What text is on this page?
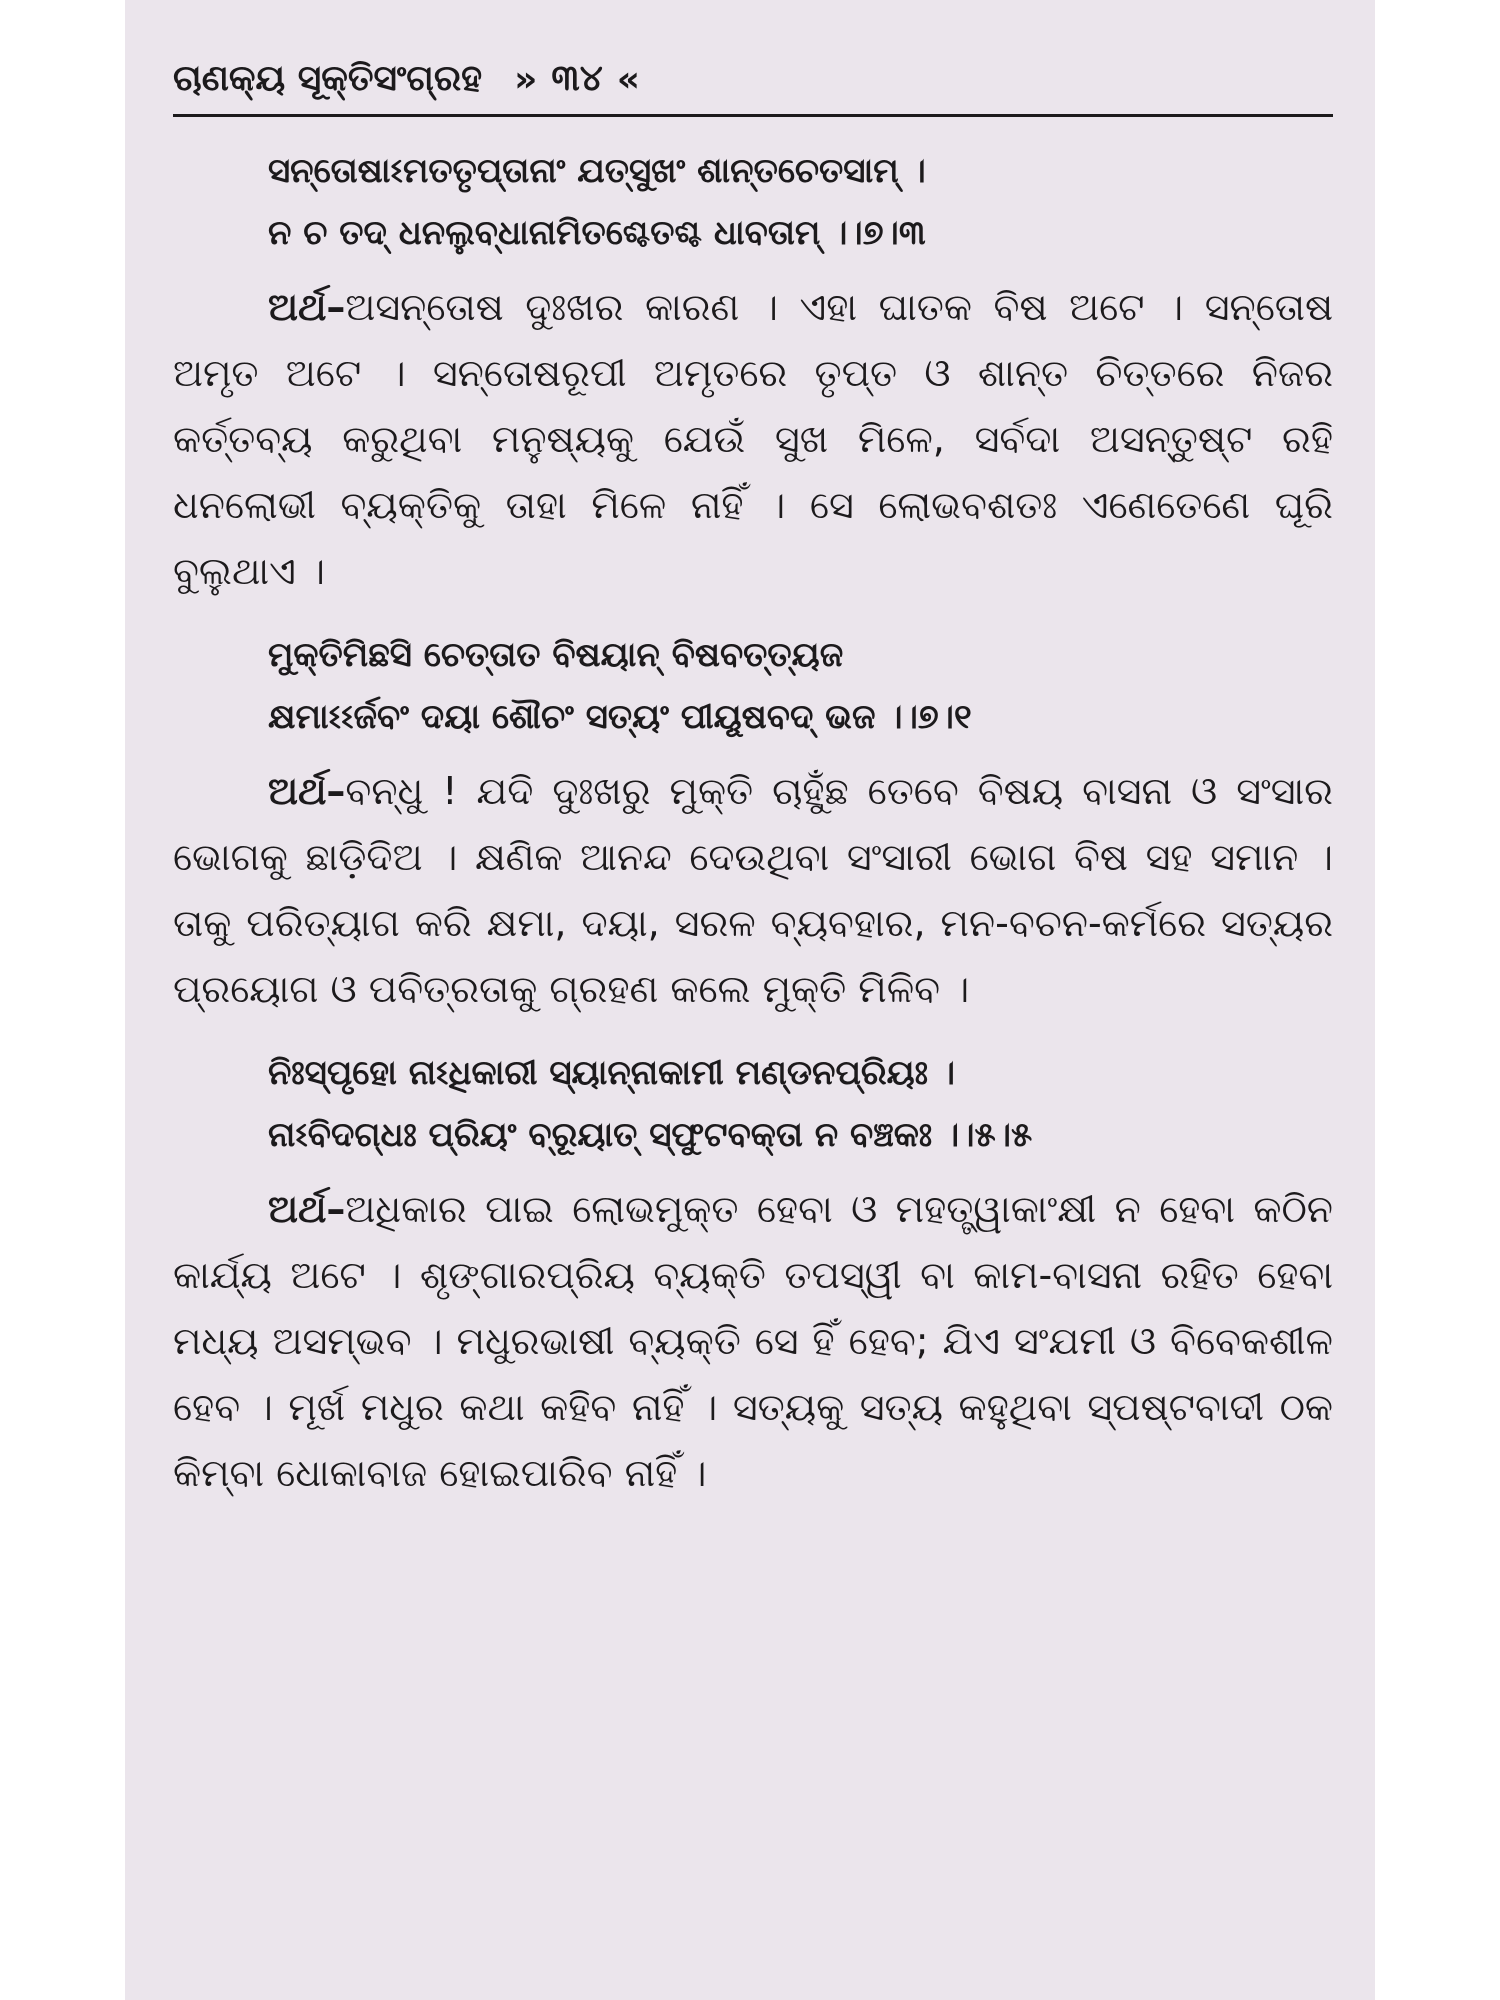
ଚାଣକ୍ୟ ସୂକ୍ତିସଂଗ୍ରହ » ୩୪ «

ସନ୍ତୋଷାଽମତତୃପ୍ତାନାଂ ଯତ୍ସୁଖଂ ଶାନ୍ତଚେତସାମ୍ ।
ନ ଚ ତଦ୍ ଧନଲୁବ୍ଧାନାମିତଶ୍ଚେତଶ୍ଚ ଧାବତାମ୍ ।।୭।୩

ଅର୍ଥ–ଅସନ୍ତୋଷ ଦୁଃଖର କାରଣ । ଏହା ଘାତକ ବିଷ ଅଟେ । ସନ୍ତୋଷ ଅମୃତ ଅଟେ । ସନ୍ତୋଷରୂପୀ ଅମୃତରେ ତୃପ୍ତ ଓ ଶାନ୍ତ ଚିତ୍ତରେ ନିଜର କର୍ତ୍ତବ୍ୟ କରୁଥିବା ମନୁଷ୍ୟକୁ ଯେଉଁ ସୁଖ ମିଳେ, ସର୍ବଦା ଅସନ୍ତୁଷ୍ଟ ରହି ଧନଲୋଭୀ ବ୍ୟକ୍ତିକୁ ତାହା ମିଳେ ନାହିଁ । ସେ ଲୋଭବଶତଃ ଏଣେତେଣେ ଘୂରି ବୁଲୁଥାଏ ।

ମୁକ୍ତିମିଛସି ଚେତ୍ତାତ ବିଷୟାନ୍ ବିଷବତ୍ତ୍ୟଜ
କ୍ଷମାଽଽର୍ଜବଂ ଦୟା ଶୌଚଂ ସତ୍ୟଂ ପୀୟୂଷବଦ୍ ଭଜ ।।୭।୧

ଅର୍ଥ–ବନ୍ଧୁ ! ଯଦି ଦୁଃଖରୁ ମୁକ୍ତି ଚାହୁଁଛ ତେବେ ବିଷୟ ବାସନା ଓ ସଂସାର ଭୋଗକୁ ଛାଡ଼ିଦିଅ । କ୍ଷଣିକ ଆନନ୍ଦ ଦେଉଥିବା ସଂସାରୀ ଭୋଗ ବିଷ ସହ ସମାନ । ତାକୁ ପରିତ୍ୟାଗ କରି କ୍ଷମା, ଦୟା, ସରଳ ବ୍ୟବହାର, ମନ-ବଚନ-କର୍ମରେ ସତ୍ୟର ପ୍ରୟୋଗ ଓ ପବିତ୍ରତାକୁ ଗ୍ରହଣ କଲେ ମୁକ୍ତି ମିଳିବ ।

ନିଃସ୍ପୃହୋ ନାଽଧିକାରୀ ସ୍ୟାନ୍ନାକାମୀ ମଣ୍ଡନପ୍ରିୟଃ ।
ନାଽବିଦଗ୍ଧଃ ପ୍ରିୟଂ ବ୍ରୂୟାତ୍ ସ୍ଫୁଟବକ୍ତା ନ ବଞ୍ଚକଃ ।।୫।୫

ଅର୍ଥ–ଅଧିକାର ପାଇ ଲୋଭମୁକ୍ତ ହେବା ଓ ମହତ୍ତ୍ୱାକାଂକ୍ଷୀ ନ ହେବା କଠିନ କାର୍ଯ୍ୟ ଅଟେ । ଶୃଙ୍ଗାରପ୍ରିୟ ବ୍ୟକ୍ତି ତପସ୍ୱୀ ବା କାମ-ବାସନା ରହିତ ହେବା ମଧ୍ୟ ଅସମ୍ଭବ । ମଧୁରଭାଷୀ ବ୍ୟକ୍ତି ସେ ହିଁ ହେବ; ଯିଏ ସଂଯମୀ ଓ ବିବେକଶୀଳ ହେବ । ମୂର୍ଖ ମଧୁର କଥା କହିବ ନାହିଁ । ସତ୍ୟକୁ ସତ୍ୟ କହୁଥିବା ସ୍ପଷ୍ଟବାଦୀ ଠକ କିମ୍ବା ଧୋକାବାଜ ହୋଇପାରିବ ନାହିଁ ।
